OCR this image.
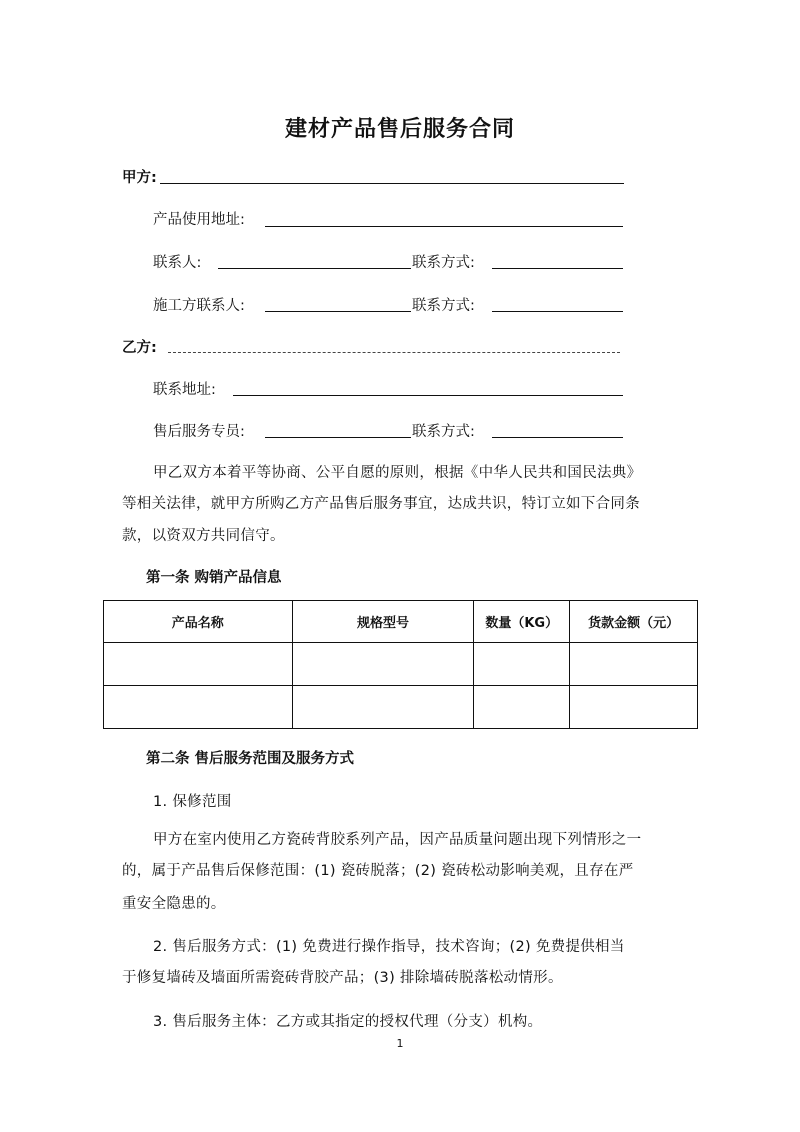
建材产品售后服务合同
甲方:
产品使用地址:
联系人:	联系方式:
施工方联系人:	联系方式:
乙方:
联系地址:
售后服务专员:	联系方式:
甲乙双方本着平等协商、公平自愿的原则，根据《中华人民共和国民法典》
等相关法律，就甲方所购乙方产品售后服务事宜，达成共识，特订立如下合同条
款，以资双方共同信守。
第一条 购销产品信息
产品名称	规格型号	数量（KG）	货款金额（元）

第二条 售后服务范围及服务方式
1. 保修范围
甲方在室内使用乙方瓷砖背胶系列产品，因产品质量问题出现下列情形之一
的，属于产品售后保修范围：(1) 瓷砖脱落；(2) 瓷砖松动影响美观，且存在严
重安全隐患的。
2. 售后服务方式：(1) 免费进行操作指导，技术咨询；(2) 免费提供相当
于修复墙砖及墙面所需瓷砖背胶产品；(3) 排除墙砖脱落松动情形。
3. 售后服务主体：乙方或其指定的授权代理（分支）机构。
1
